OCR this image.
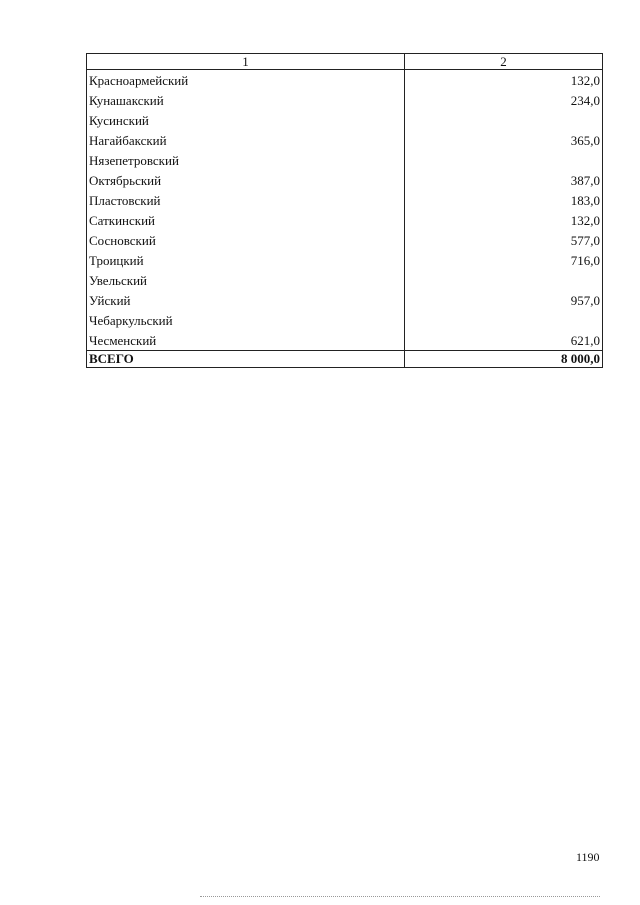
1	2
Красноармейский	132,0
Кунашакский	234,0
Кусинский	
Нагайбакский	365,0
Нязепетровский	
Октябрьский	387,0
Пластовский	183,0
Саткинский	132,0
Сосновский	577,0
Троицкий	716,0
Увельский	
Уйский	957,0
Чебаркульский	
Чесменский	621,0
ВСЕГО	8 000,0
1190
